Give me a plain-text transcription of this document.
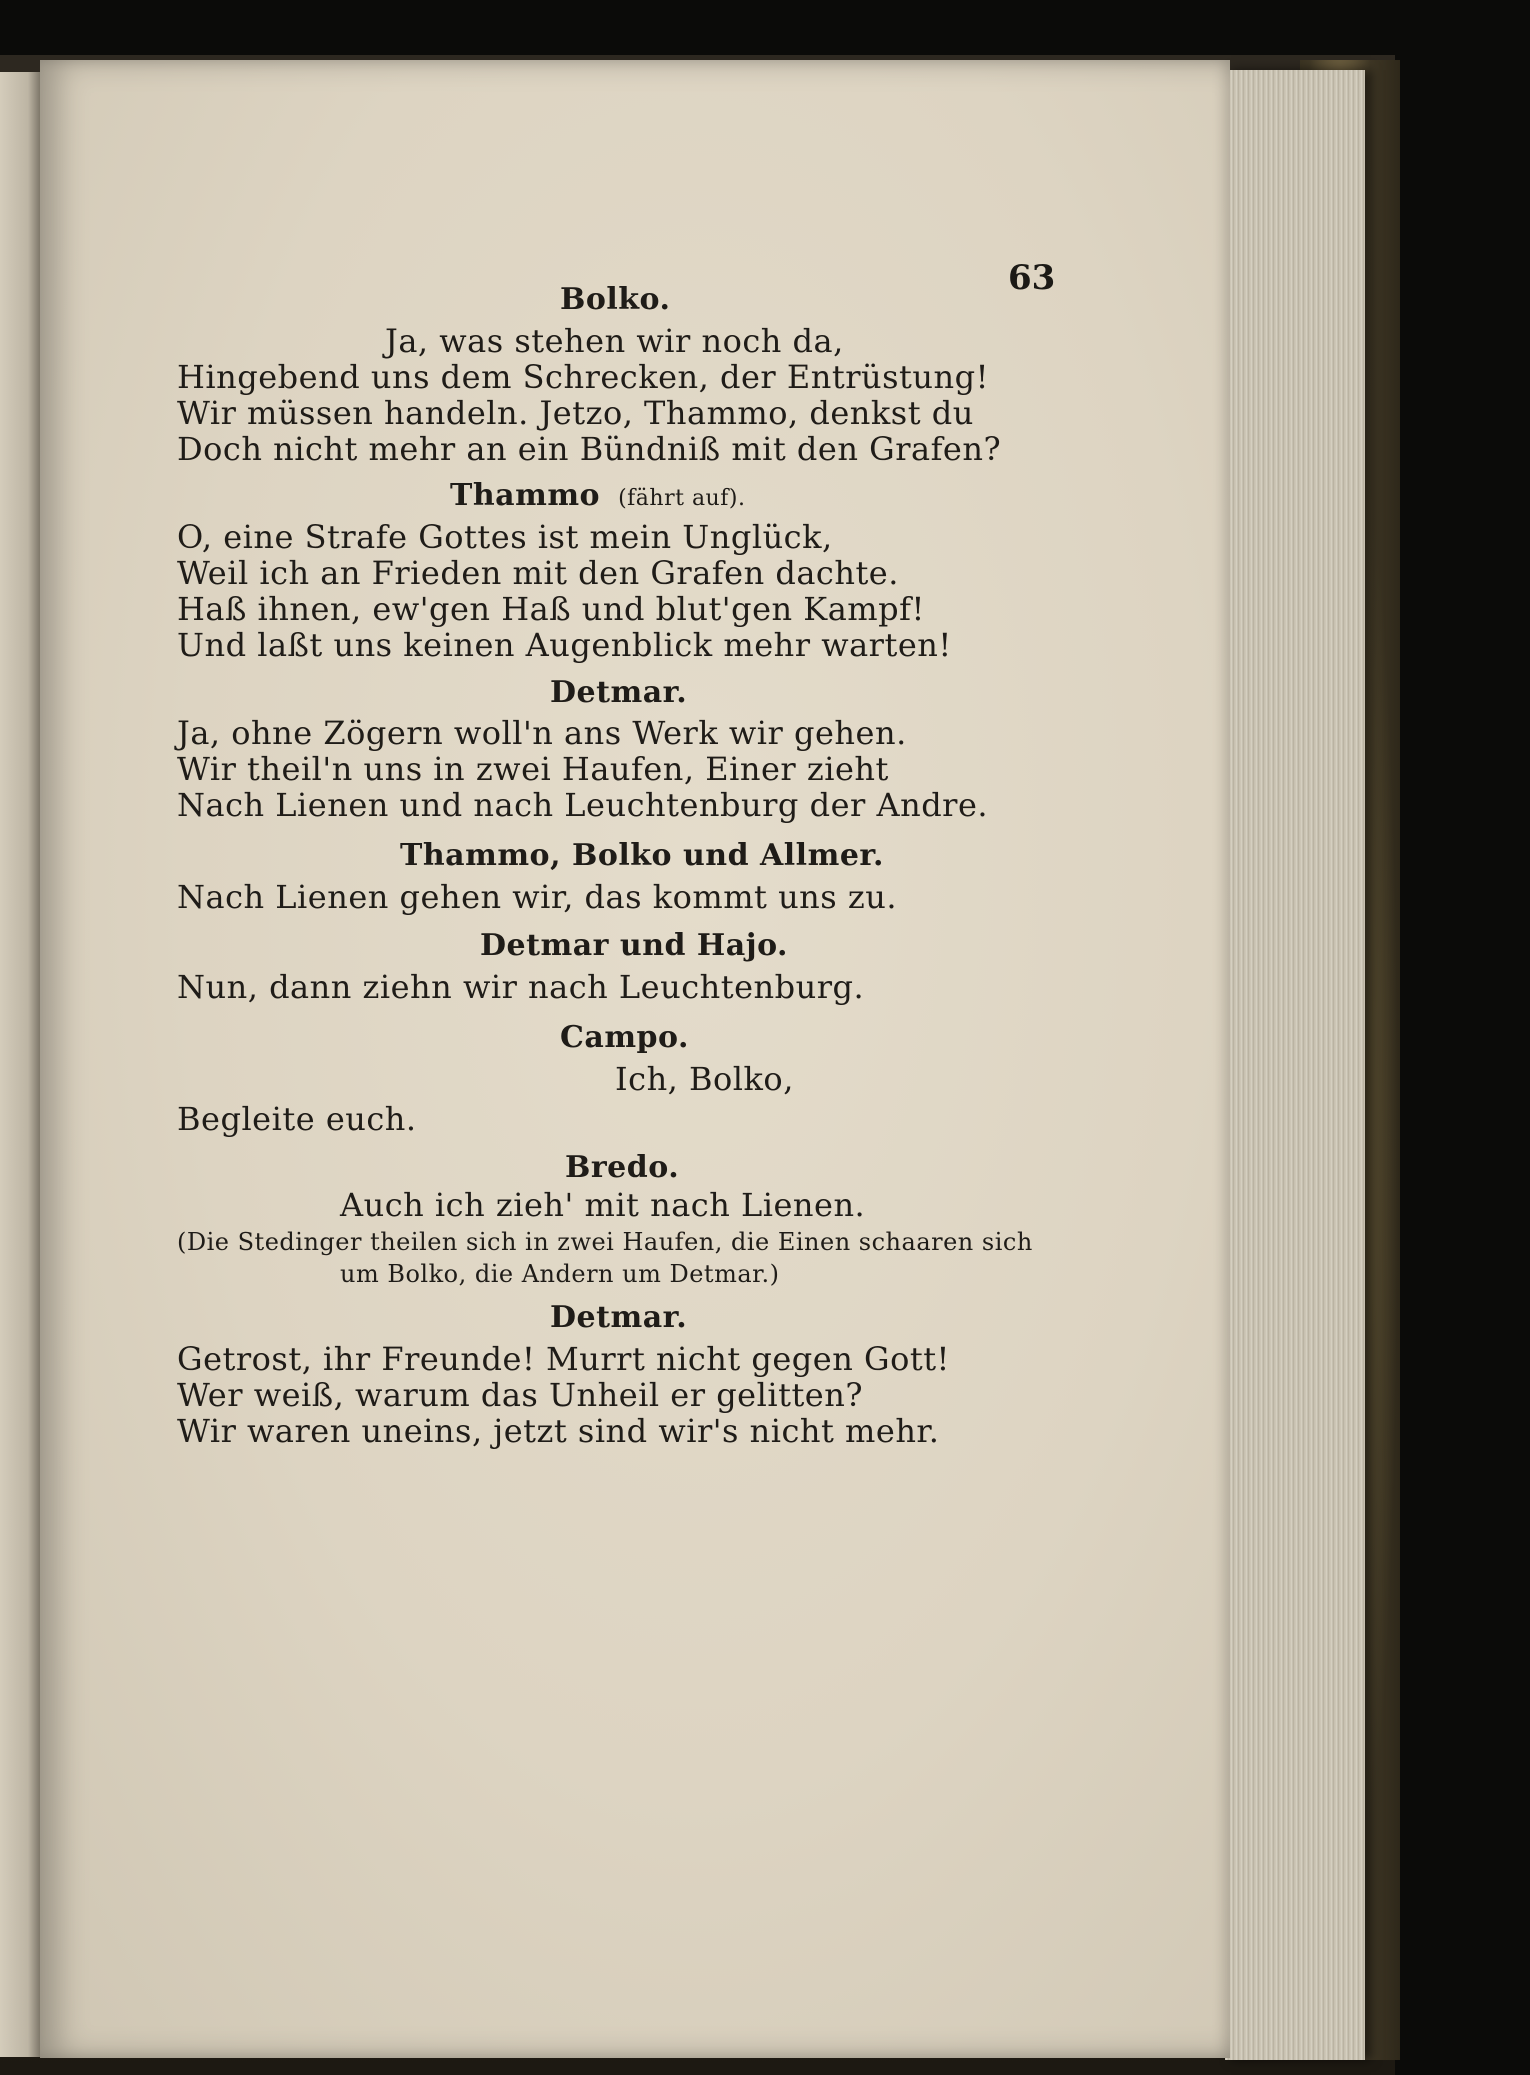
63
Bolko.
Ja, was stehen wir noch da,
Hingebend uns dem Schrecken, der Entrüstung!
Wir müssen handeln. Jetzo, Thammo, denkst du
Doch nicht mehr an ein Bündniß mit den Grafen?
Thammo (fährt auf).
O, eine Strafe Gottes ist mein Unglück,
Weil ich an Frieden mit den Grafen dachte.
Haß ihnen, ew'gen Haß und blut'gen Kampf!
Und laßt uns keinen Augenblick mehr warten!
Detmar.
Ja, ohne Zögern woll'n ans Werk wir gehen.
Wir theil'n uns in zwei Haufen, Einer zieht
Nach Lienen und nach Leuchtenburg der Andre.
Thammo, Bolko und Allmer.
Nach Lienen gehen wir, das kommt uns zu.
Detmar und Hajo.
Nun, dann ziehn wir nach Leuchtenburg.
Campo.
Ich, Bolko,
Begleite euch.
Bredo.
Auch ich zieh' mit nach Lienen.
(Die Stedinger theilen sich in zwei Haufen, die Einen schaaren sich
um Bolko, die Andern um Detmar.)
Detmar.
Getrost, ihr Freunde! Murrt nicht gegen Gott!
Wer weiß, warum das Unheil er gelitten?
Wir waren uneins, jetzt sind wir's nicht mehr.
